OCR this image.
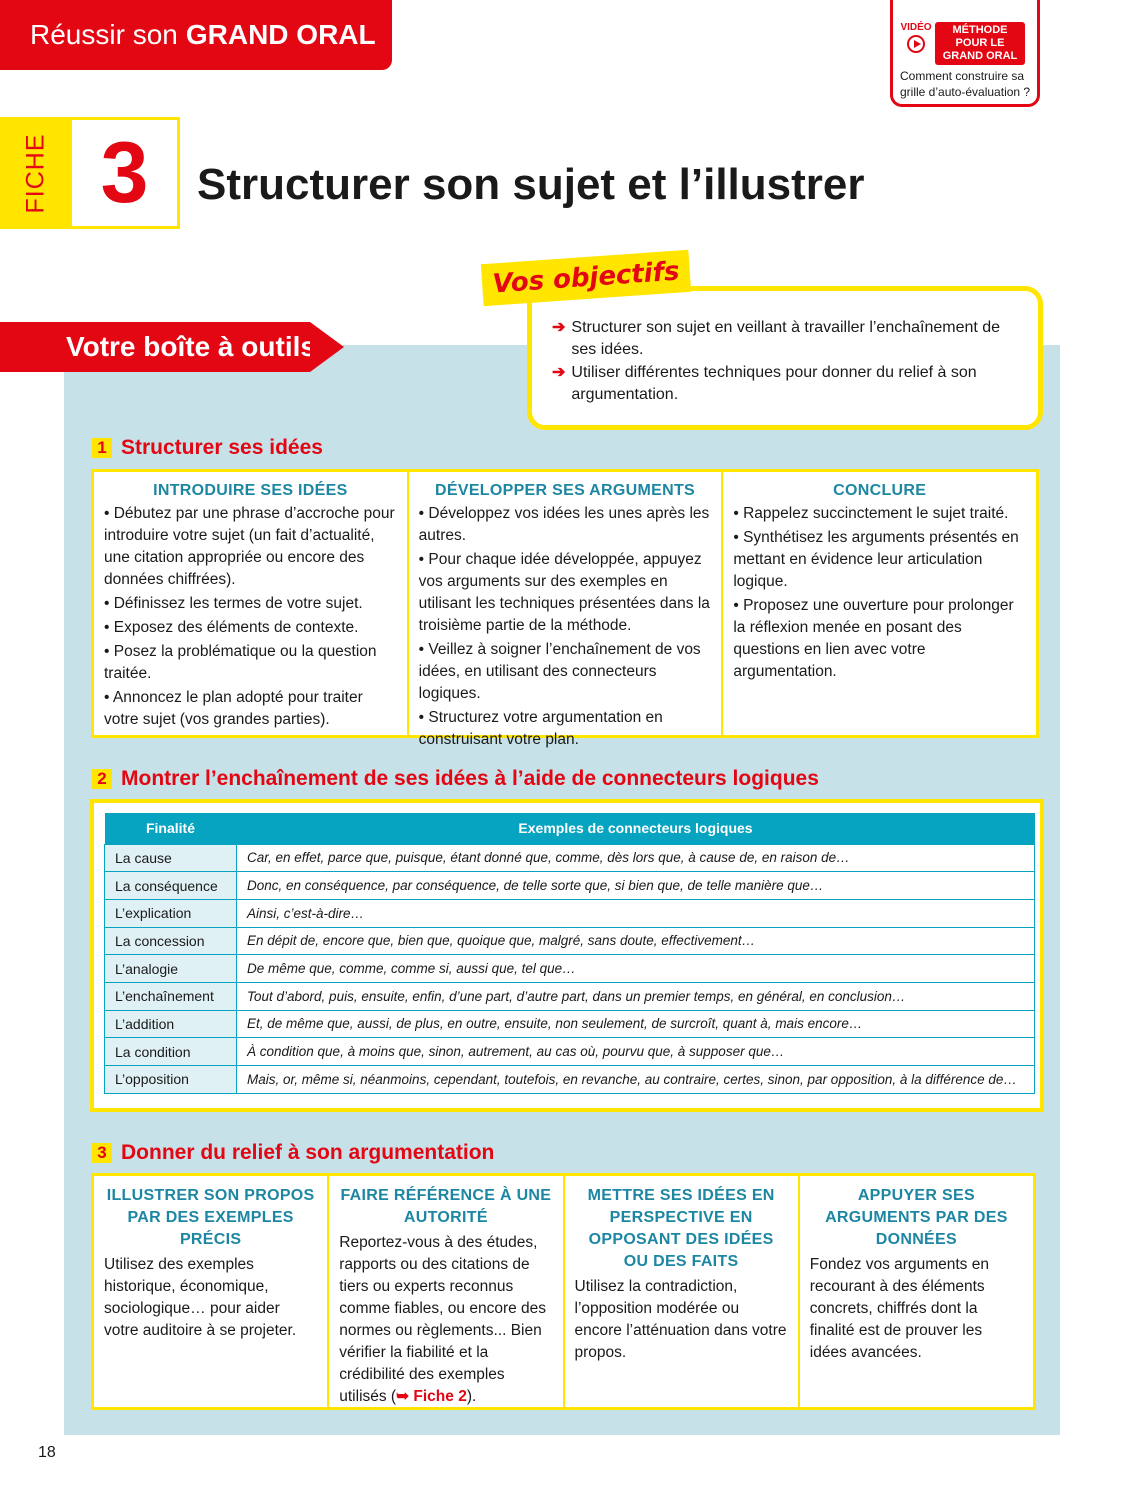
Réussir son GRAND ORAL	VIDÉO	MÉTHODE POUR LE GRAND ORAL
Comment construire sa grille d’auto-évaluation ?
FICHE 3	Structurer son sujet et l’illustrer
Votre boîte à outils
➔ Structurer son sujet en veillant à travailler l’enchaînement de ses idées.
➔ Utiliser différentes techniques pour donner du relief à son argumentation.
Vos objectifs
1 Structurer ses idées
INTRODUIRE SES IDÉES
• Débutez par une phrase d’accroche pour introduire votre sujet (un fait d’actualité, une citation appropriée ou encore des données chiffrées).
• Définissez les termes de votre sujet.
• Exposez des éléments de contexte.
• Posez la problématique ou la question traitée.
• Annoncez le plan adopté pour traiter votre sujet (vos grandes parties).
DÉVELOPPER SES ARGUMENTS
• Développez vos idées les unes après les autres.
• Pour chaque idée développée, appuyez vos arguments sur des exemples en utilisant les techniques présentées dans la troisième partie de la méthode.
• Veillez à soigner l’enchaînement de vos idées, en utilisant des connecteurs logiques.
• Structurez votre argumentation en construisant votre plan.
CONCLURE
• Rappelez succinctement le sujet traité.
• Synthétisez les arguments présentés en mettant en évidence leur articulation logique.
• Proposez une ouverture pour prolonger la réflexion menée en posant des questions en lien avec votre argumentation.
2 Montrer l’enchaînement de ses idées à l’aide de connecteurs logiques
Finalité	Exemples de connecteurs logiques
La cause	Car, en effet, parce que, puisque, étant donné que, comme, dès lors que, à cause de, en raison de…
La conséquence	Donc, en conséquence, par conséquence, de telle sorte que, si bien que, de telle manière que…
L’explication	Ainsi, c’est-à-dire…
La concession	En dépit de, encore que, bien que, quoique que, malgré, sans doute, effectivement…
L’analogie	De même que, comme, comme si, aussi que, tel que…
L’enchaînement	Tout d’abord, puis, ensuite, enfin, d’une part, d’autre part, dans un premier temps, en général, en conclusion…
L’addition	Et, de même que, aussi, de plus, en outre, ensuite, non seulement, de surcroît, quant à, mais encore…
La condition	À condition que, à moins que, sinon, autrement, au cas où, pourvu que, à supposer que…
L’opposition	Mais, or, même si, néanmoins, cependant, toutefois, en revanche, au contraire, certes, sinon, par opposition, à la différence de…
3 Donner du relief à son argumentation
ILLUSTRER SON PROPOS PAR DES EXEMPLES PRÉCIS
Utilisez des exemples historique, économique, sociologique… pour aider votre auditoire à se projeter.
FAIRE RÉFÉRENCE À UNE AUTORITÉ
Reportez-vous à des études, rapports ou des citations de tiers ou experts reconnus comme fiables, ou encore des normes ou règlements... Bien vérifier la fiabilité et la crédibilité des exemples utilisés (➥ Fiche 2).
METTRE SES IDÉES EN PERSPECTIVE EN OPPOSANT DES IDÉES OU DES FAITS
Utilisez la contradiction, l’opposition modérée ou encore l’atténuation dans votre propos.
APPUYER SES ARGUMENTS PAR DES DONNÉES
Fondez vos arguments en recourant à des éléments concrets, chiffrés dont la finalité est de prouver les idées avancées.
18
